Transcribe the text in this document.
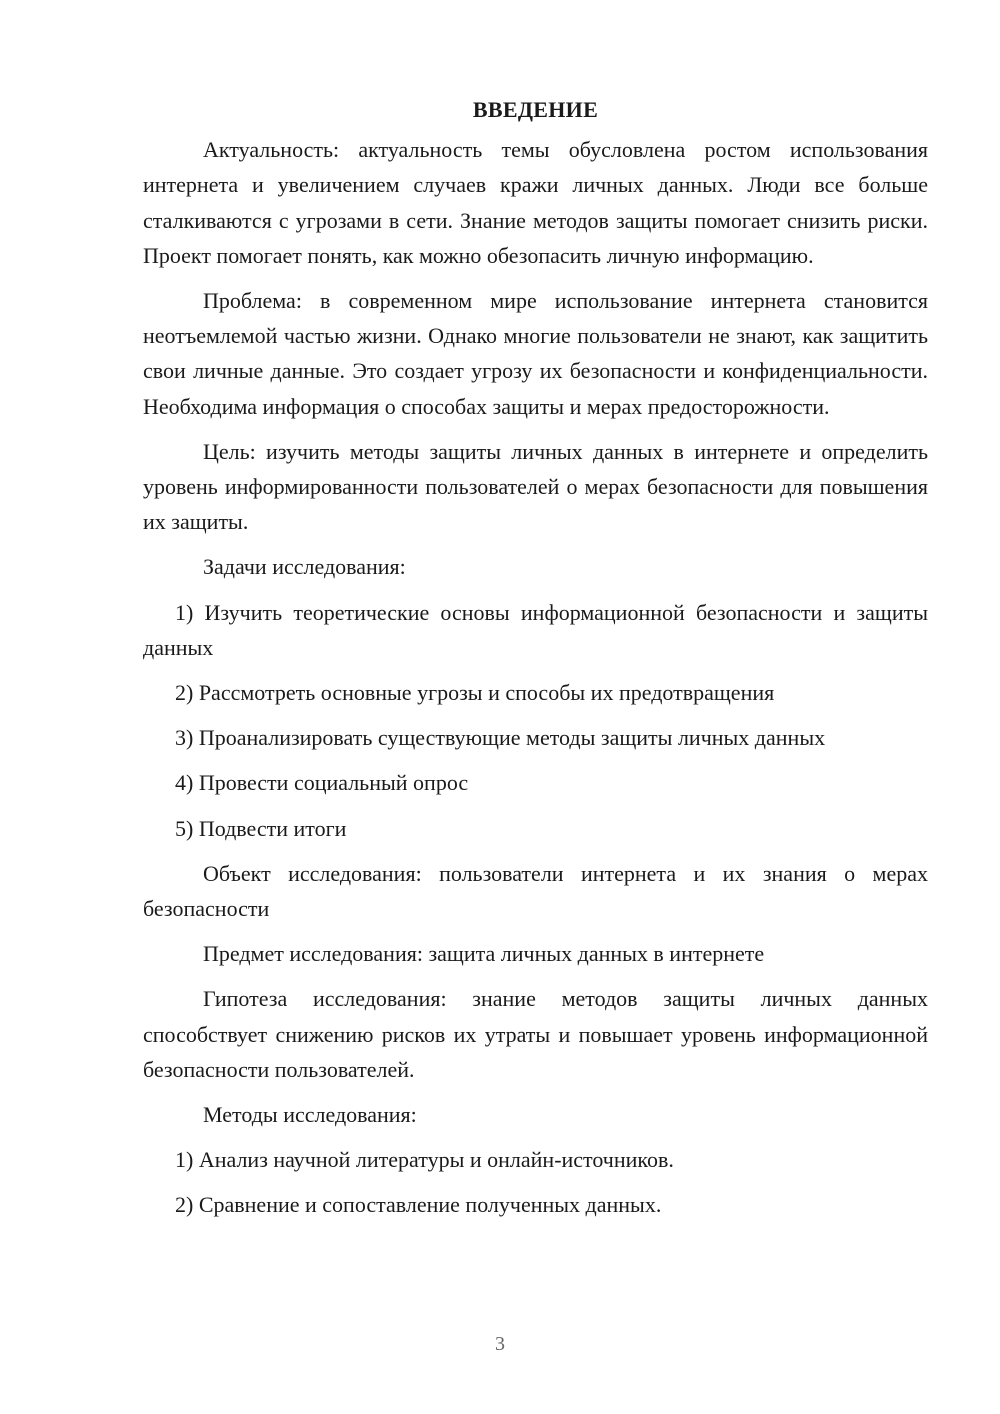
ВВЕДЕНИЕ

Актуальность: актуальность темы обусловлена ростом использования интернета и увеличением случаев кражи личных данных. Люди все больше сталкиваются с угрозами в сети. Знание методов защиты помогает снизить риски. Проект помогает понять, как можно обезопасить личную информацию.

Проблема: в современном мире использование интернета становится неотъемлемой частью жизни. Однако многие пользователи не знают, как защитить свои личные данные. Это создает угрозу их безопасности и конфиденциальности. Необходима информация о способах защиты и мерах предосторожности.

Цель: изучить методы защиты личных данных в интернете и определить уровень информированности пользователей о мерах безопасности для повышения их защиты.

Задачи исследования:

1) Изучить теоретические основы информационной безопасности и защиты данных

2) Рассмотреть основные угрозы и способы их предотвращения

3) Проанализировать существующие методы защиты личных данных

4) Провести социальный опрос

5) Подвести итоги

Объект исследования: пользователи интернета и их знания о мерах безопасности

Предмет исследования: защита личных данных в интернете

Гипотеза исследования: знание методов защиты личных данных способствует снижению рисков их утраты и повышает уровень информационной безопасности пользователей.

Методы исследования:

1) Анализ научной литературы и онлайн-источников.

2) Сравнение и сопоставление полученных данных.

3
